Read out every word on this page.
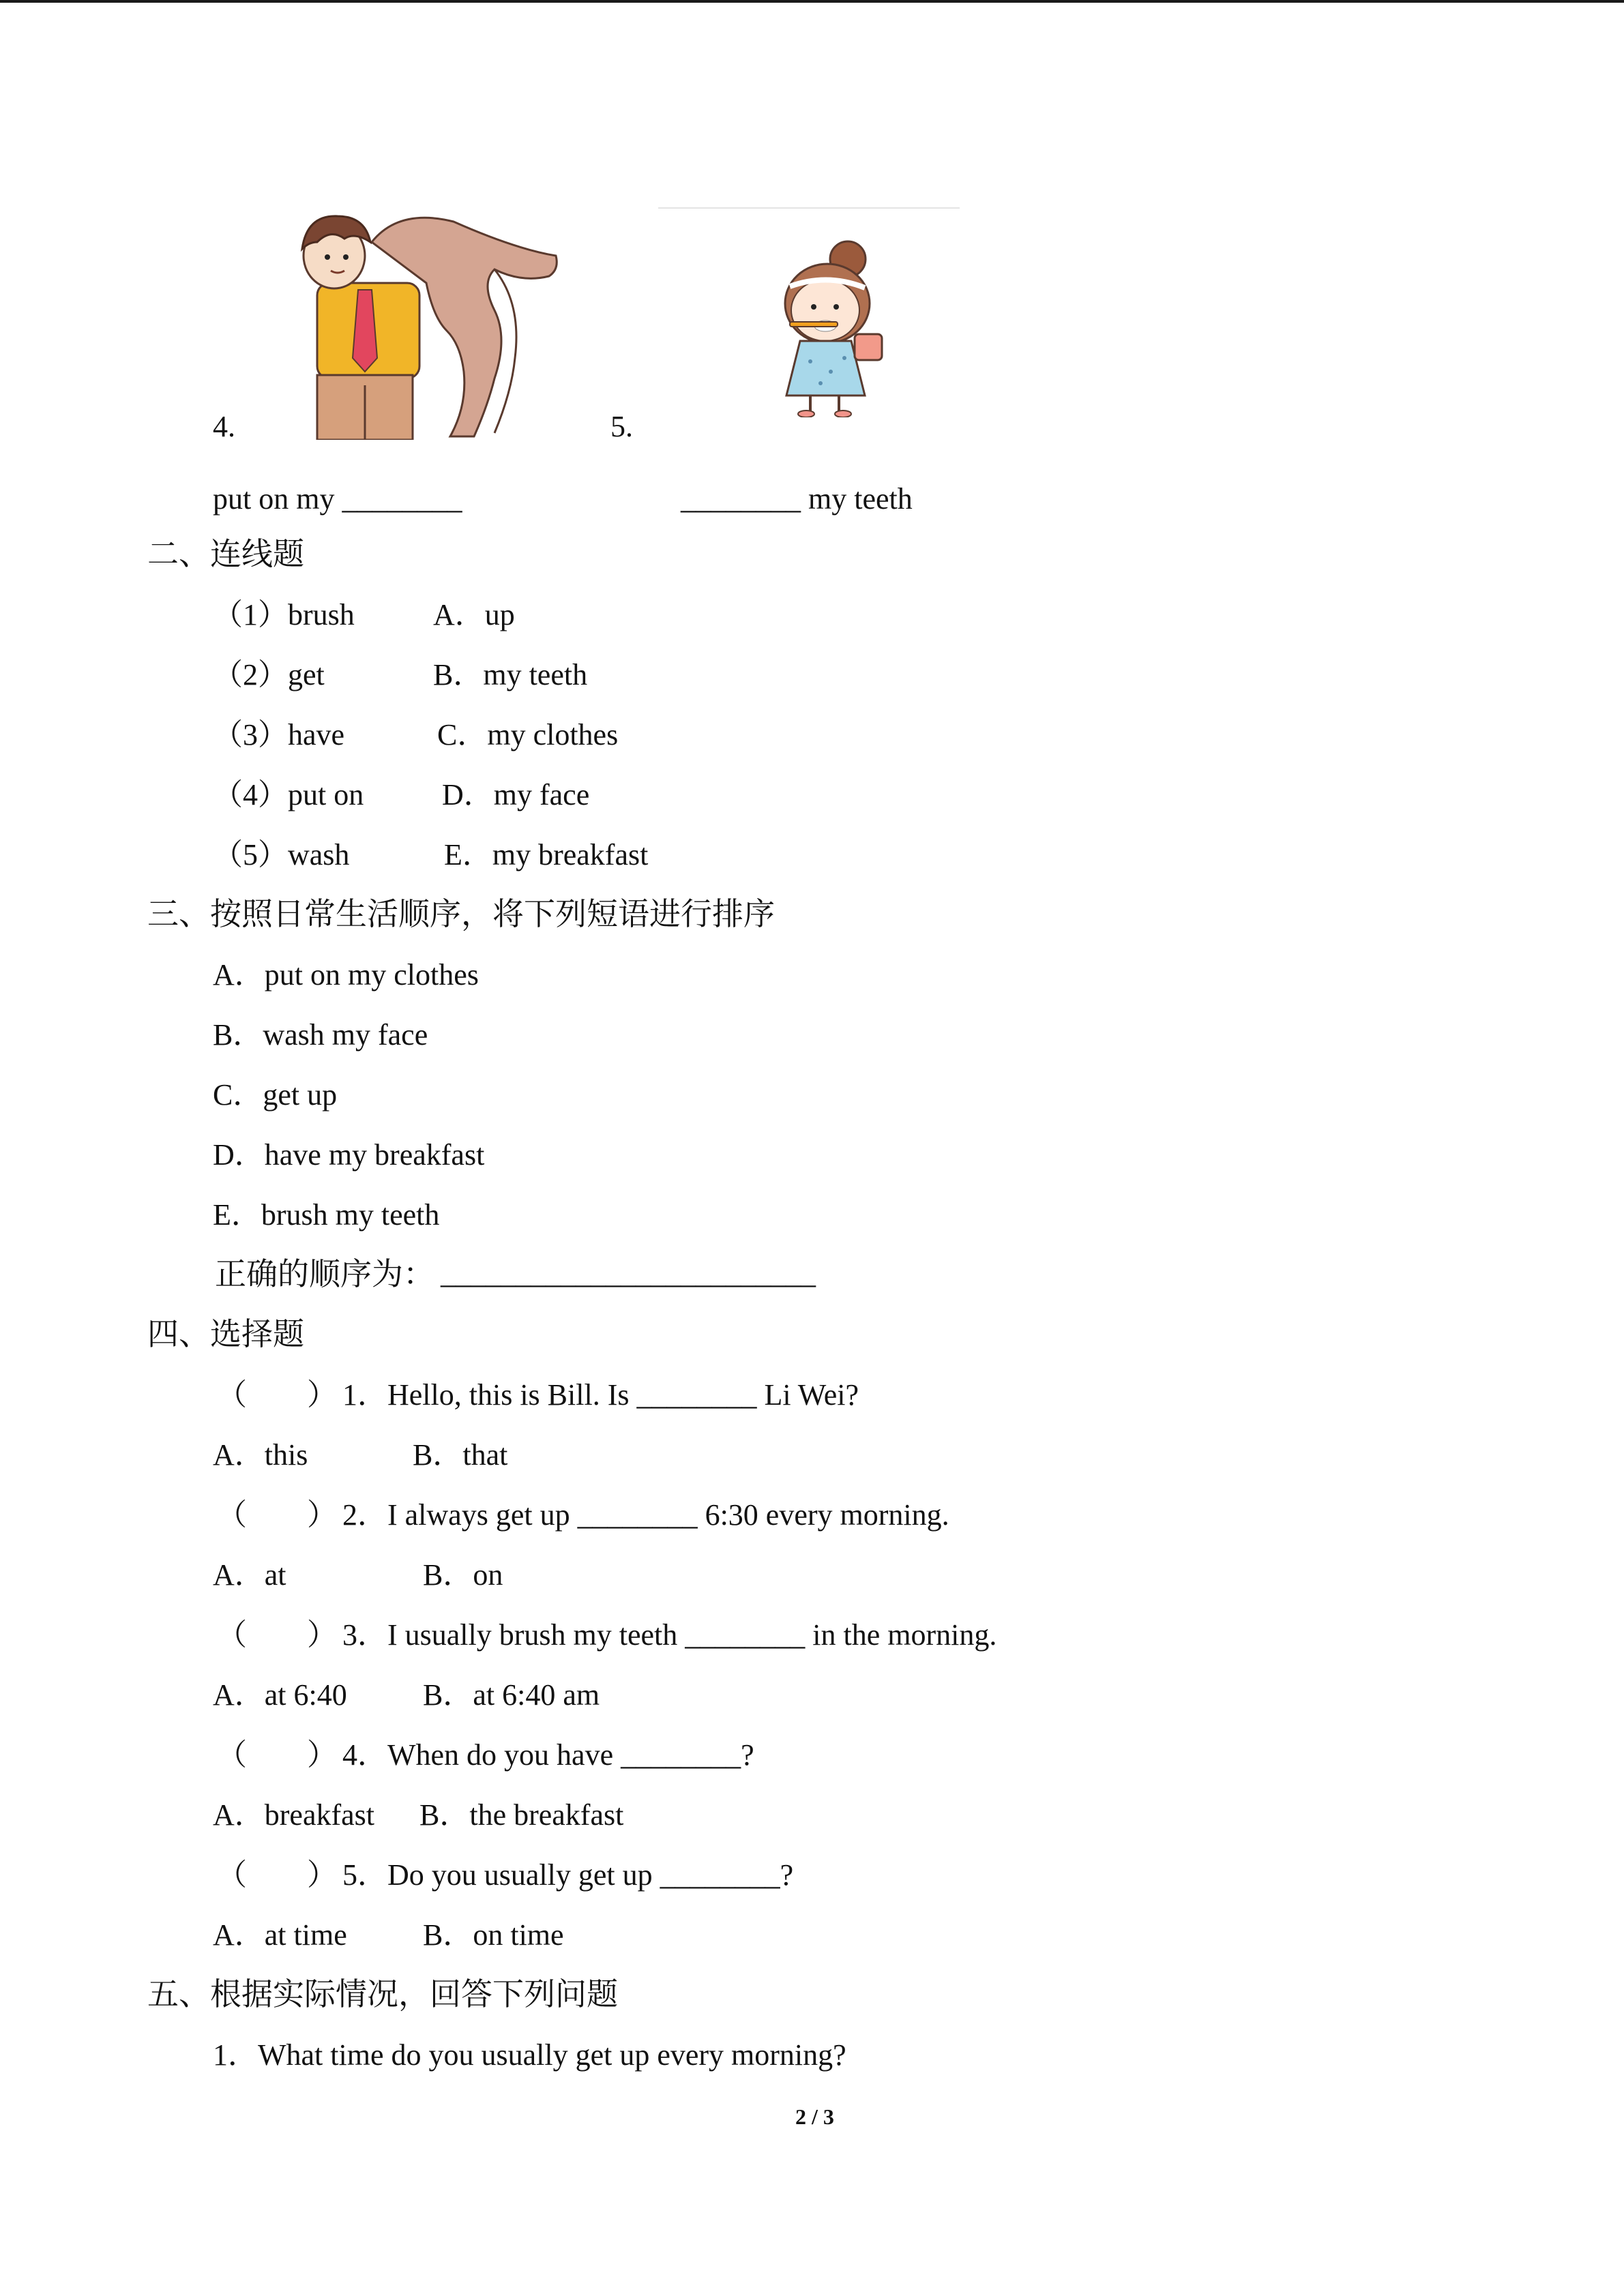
4.	5.
put on my ________	________ my teeth
二、连线题
（1）brush	A．up
（2）get	B．my teeth
（3）have	C．my clothes
（4）put on	D．my face
（5）wash	E．my breakfast
三、按照日常生活顺序，将下列短语进行排序
A．put on my clothes
B．wash my face
C．get up
D．have my breakfast
E．brush my teeth
正确的顺序为： _________________________
四、选择题
（        ） 1．Hello, this is Bill. Is ________ Li Wei?
A．this	B．that
（        ） 2．I always get up ________ 6:30 every morning.
A．at	B．on
（        ） 3．I usually brush my teeth ________ in the morning.
A．at 6:40	B．at 6:40 am
（        ） 4．When do you have ________?
A．breakfast B．the breakfast
（        ） 5．Do you usually get up ________?
A．at time	B．on time
五、根据实际情况，回答下列问题
1．What time do you usually get up every morning?
2 / 3
